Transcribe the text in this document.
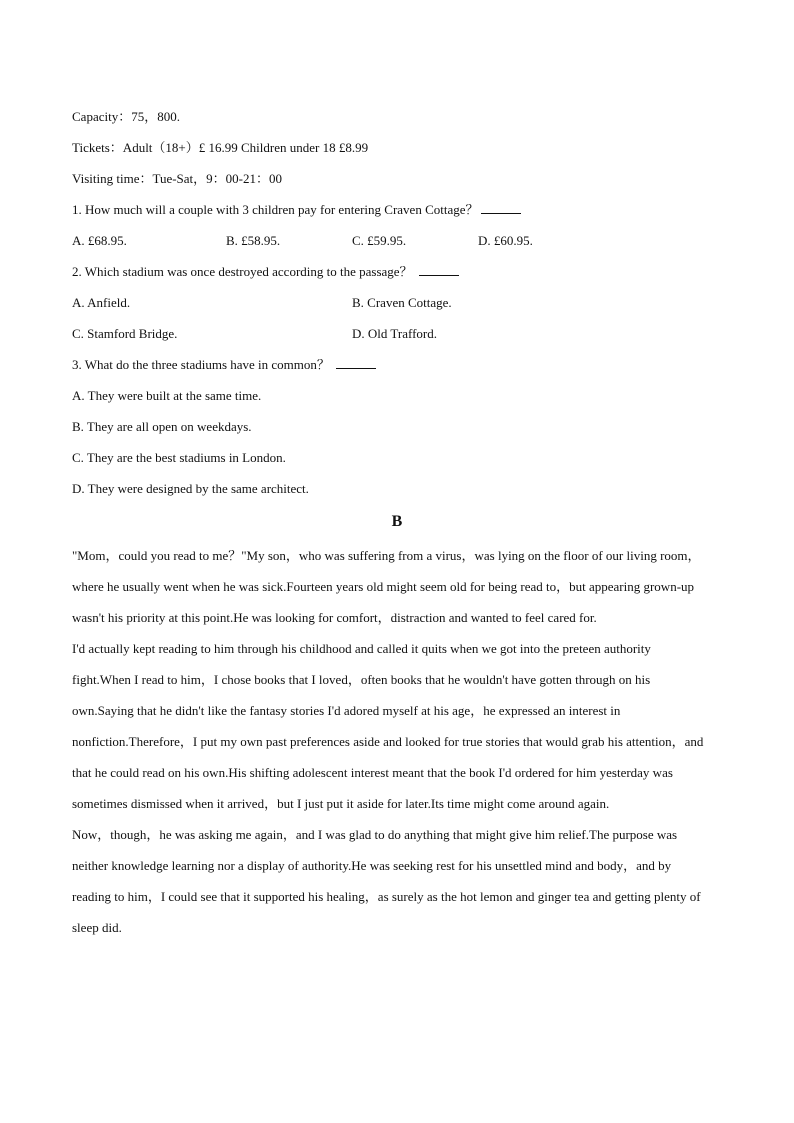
Capacity：75，800.
Tickets：Adult（18+）£ 16.99 Children under 18 £8.99
Visiting time：Tue-Sat，9：00-21：00
1. How much will a couple with 3 children pay for entering Craven Cottage？
A. £68.95.	B. £58.95.	C. £59.95.	D. £60.95.
2. Which stadium was once destroyed according to the passage？
A. Anfield.	B. Craven Cottage.
C. Stamford Bridge.	D. Old Trafford.
3. What do the three stadiums have in common？
A. They were built at the same time.
B. They are all open on weekdays.
C. They are the best stadiums in London.
D. They were designed by the same architect.
B
"Mom，could you read to me？"My son，who was suffering from a virus，was lying on the floor of our living room，where he usually went when he was sick.Fourteen years old might seem old for being read to，but appearing grown-up wasn't his priority at this point.He was looking for comfort，distraction and wanted to feel cared for.
I'd actually kept reading to him through his childhood and called it quits when we got into the preteen authority fight.When I read to him，I chose books that I loved，often books that he wouldn't have gotten through on his own.Saying that he didn't like the fantasy stories I'd adored myself at his age，he expressed an interest in nonfiction.Therefore，I put my own past preferences aside and looked for true stories that would grab his attention，and that he could read on his own.His shifting adolescent interest meant that the book I'd ordered for him yesterday was sometimes dismissed when it arrived，but I just put it aside for later.Its time might come around again.
Now，though，he was asking me again，and I was glad to do anything that might give him relief.The purpose was neither knowledge learning nor a display of authority.He was seeking rest for his unsettled mind and body，and by reading to him，I could see that it supported his healing，as surely as the hot lemon and ginger tea and getting plenty of sleep did.
